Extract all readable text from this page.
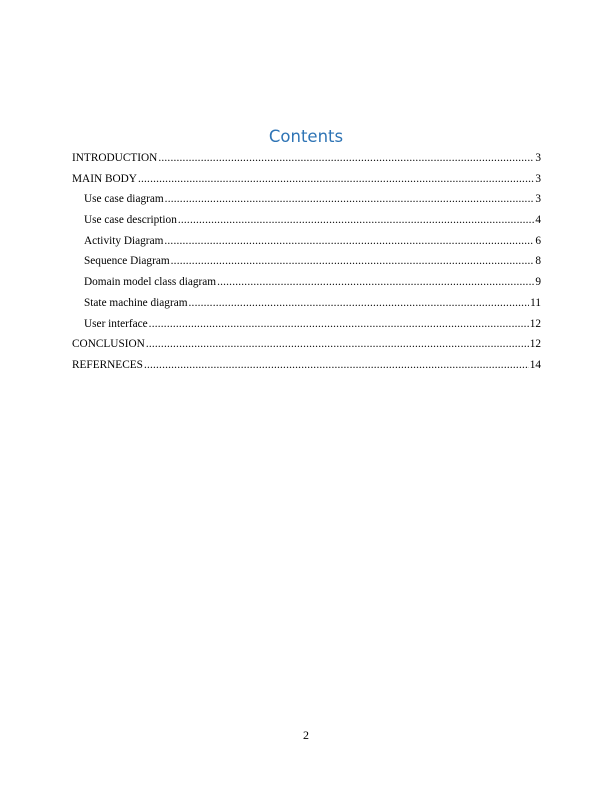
Contents
INTRODUCTION .....	3
MAIN BODY .....	3
Use case diagram .....	3
Use case description .....	4
Activity Diagram .....	6
Sequence Diagram .....	8
Domain model class diagram .....	9
State machine diagram .....	11
User interface .....	12
CONCLUSION .....	12
REFERNECES .....	14
2
